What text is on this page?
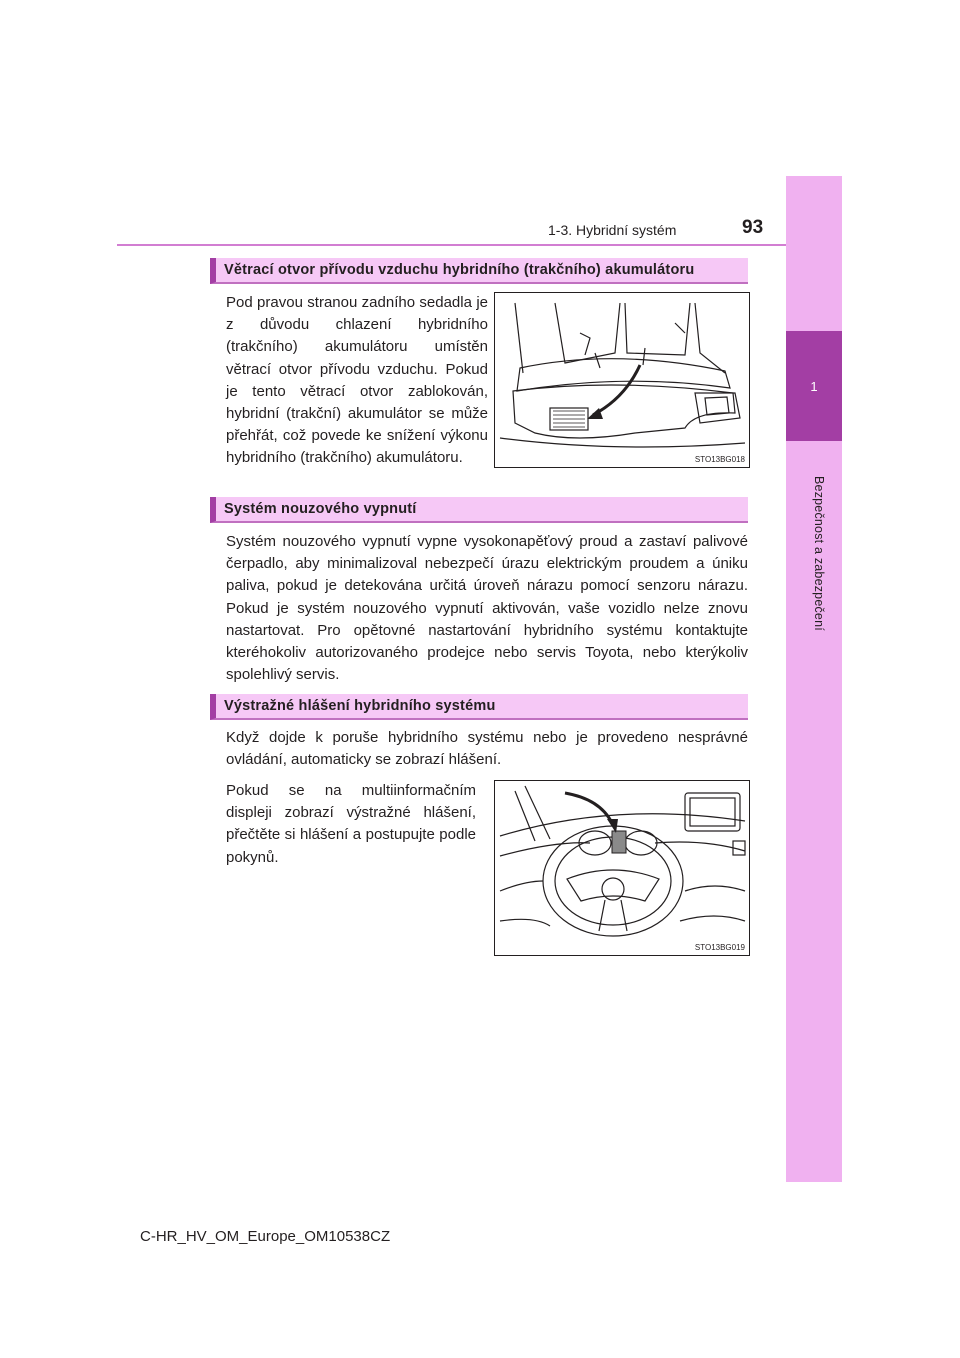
1-3. Hybridní systém	93
1
Bezpečnost a zabezpečení
Větrací otvor přívodu vzduchu hybridního (trakčního) akumulátoru

Pod pravou stranou zadního sedadla je z důvodu chlazení hybridního (trakčního) akumulátoru umístěn větrací otvor přívodu vzduchu. Pokud je tento větrací otvor zablokován, hybridní (trakční) akumulátor se může přehřát, což povede ke snížení výkonu hybridního (trakčního) akumulátoru.	STO13BG018
Systém nouzového vypnutí

Systém nouzového vypnutí vypne vysokonapěťový proud a zastaví palivové čerpadlo, aby minimalizoval nebezpečí úrazu elektrickým proudem a úniku paliva, pokud je detekována určitá úroveň nárazu pomocí senzoru nárazu. Pokud je systém nouzového vypnutí aktivován, vaše vozidlo nelze znovu nastartovat. Pro opětovné nastartování hybridního systému kontaktujte kteréhokoliv autorizovaného prodejce nebo servis Toyota, nebo kterýkoliv spolehlivý servis.

Výstražné hlášení hybridního systému

Když dojde k poruše hybridního systému nebo je provedeno nesprávné ovládání, automaticky se zobrazí hlášení.

Pokud se na multiinformačním displeji zobrazí výstražné hlášení, přečtěte si hlášení a postupujte podle pokynů.

STO13BG019
C-HR_HV_OM_Europe_OM10538CZ
